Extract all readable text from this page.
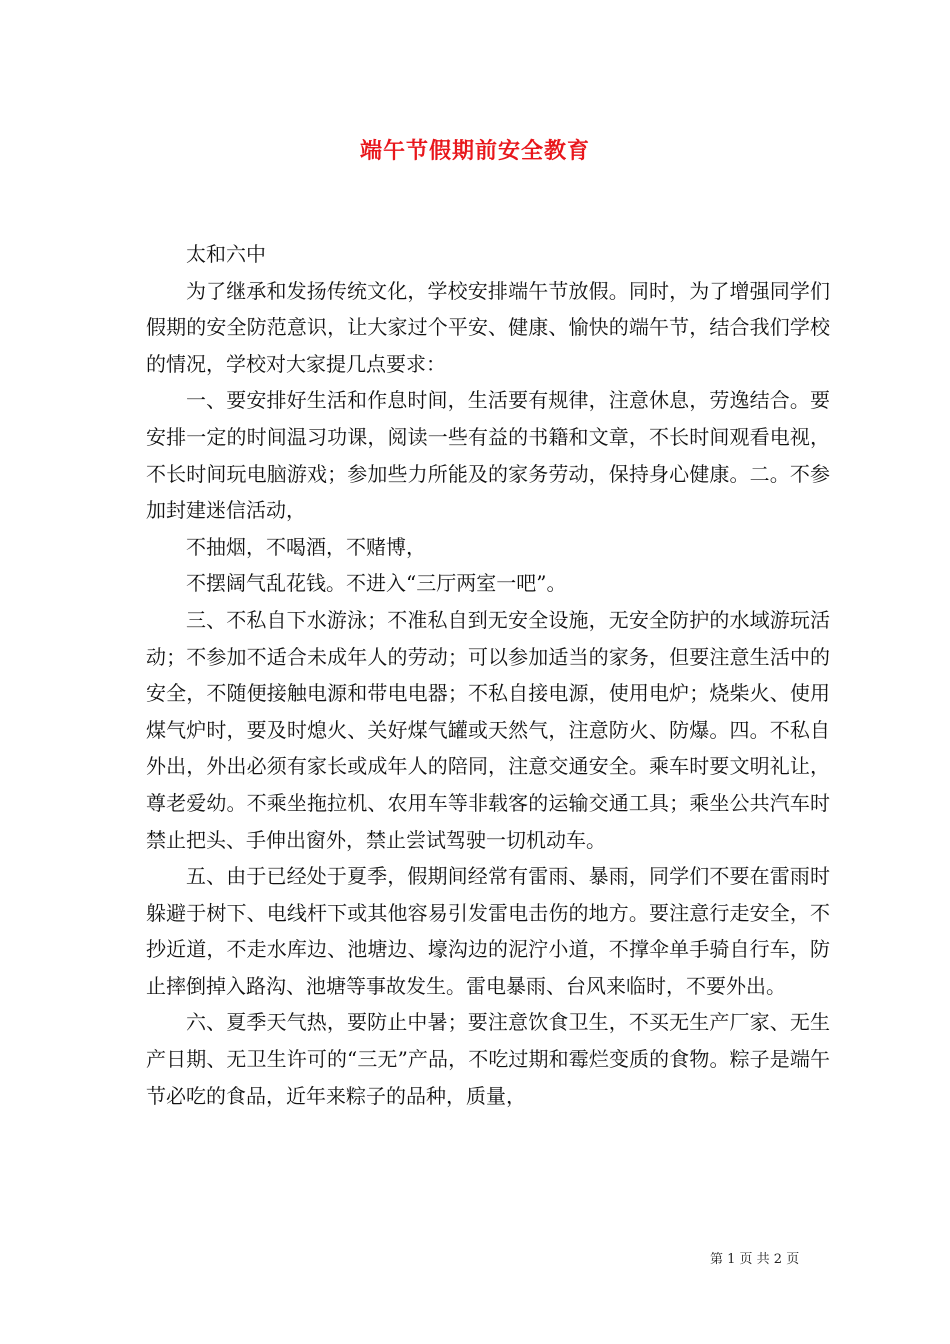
端午节假期前安全教育

太和六中

为了继承和发扬传统文化，学校安排端午节放假。同时，为了增强同学们假期的安全防范意识，让大家过个平安、健康、愉快的端午节，结合我们学校的情况，学校对大家提几点要求：

一、要安排好生活和作息时间，生活要有规律，注意休息，劳逸结合。要安排一定的时间温习功课，阅读一些有益的书籍和文章，不长时间观看电视，不长时间玩电脑游戏；参加些力所能及的家务劳动，保持身心健康。二。不参加封建迷信活动，

不抽烟，不喝酒，不赌博，

不摆阔气乱花钱。不进入“三厅两室一吧”。

三、不私自下水游泳；不准私自到无安全设施，无安全防护的水域游玩活动；不参加不适合未成年人的劳动；可以参加适当的家务，但要注意生活中的安全，不随便接触电源和带电电器；不私自接电源，使用电炉；烧柴火、使用煤气炉时，要及时熄火、关好煤气罐或天然气，注意防火、防爆。四。不私自外出，外出必须有家长或成年人的陪同，注意交通安全。乘车时要文明礼让，尊老爱幼。不乘坐拖拉机、农用车等非载客的运输交通工具；乘坐公共汽车时禁止把头、手伸出窗外，禁止尝试驾驶一切机动车。

五、由于已经处于夏季，假期间经常有雷雨、暴雨，同学们不要在雷雨时躲避于树下、电线杆下或其他容易引发雷电击伤的地方。要注意行走安全，不抄近道，不走水库边、池塘边、壕沟边的泥泞小道，不撑伞单手骑自行车，防止摔倒掉入路沟、池塘等事故发生。雷电暴雨、台风来临时，不要外出。

六、夏季天气热，要防止中暑；要注意饮食卫生，不买无生产厂家、无生产日期、无卫生许可的“三无”产品，不吃过期和霉烂变质的食物。粽子是端午节必吃的食品，近年来粽子的品种，质量，

第 1 页 共 2 页
